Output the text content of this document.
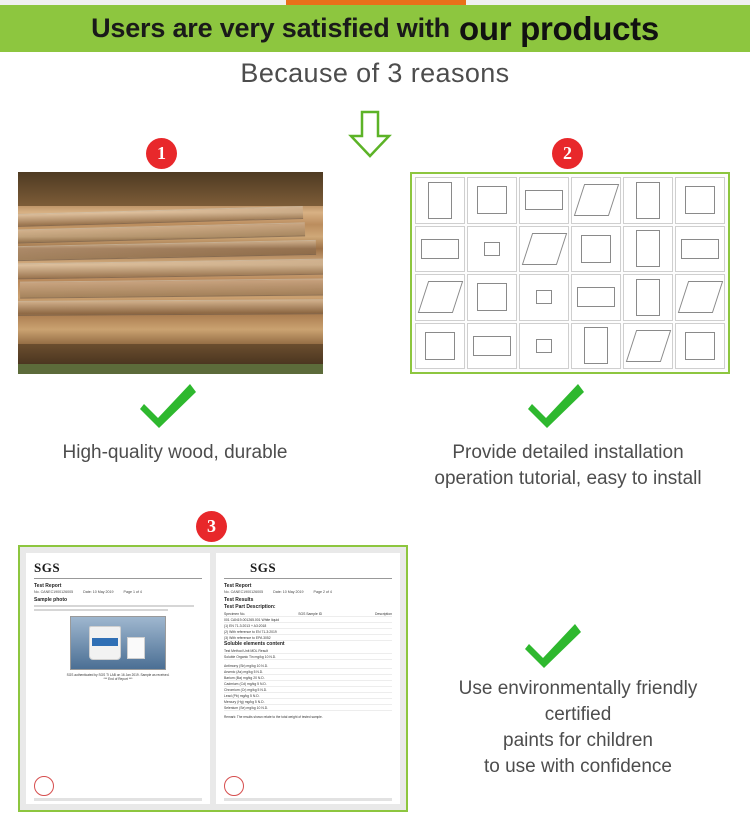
Users are very satisfied with our products
Because of 3 reasons
1	2
3
High-quality wood, durable	Provide detailed installation
operation tutorial, easy to install
Use environmentally friendly
certified
paints for children
to use with confidence
SGS
Test Report
No. CANEC1900126005	Date: 10 May 2019	Page 1 of 4
Sample photo
SGS authenticated by SGS TI LAB on 16 Jan 2019. Sample as received.
*** End of Report ***
SGS
Test Report
No. CANEC1900126005	Date: 10 May 2019	Page 2 of 4
Test Results
Test Part Description:
Specimen No.	SGS Sample ID	Description
001 CAN19-001265.001 White liquid
(1) EN 71-3:2013 + A3:2018
(2) With reference to EN 71-3:2019
(3) With reference to EPA 3052
Soluble elements content
Test Method Unit MDL Result
Soluble Organic Tin mg/kg 10 N.D.
Antimony (Sb) mg/kg 10 N.D.
Arsenic (As) mg/kg 5 N.D.
Barium (Ba) mg/kg 20 N.D.
Cadmium (Cd) mg/kg 5 N.D.
Chromium (Cr) mg/kg 5 N.D.
Lead (Pb) mg/kg 5 N.D.
Mercury (Hg) mg/kg 5 N.D.
Selenium (Se) mg/kg 10 N.D.
Remark: The results shown relate to the total weight of tested sample.
